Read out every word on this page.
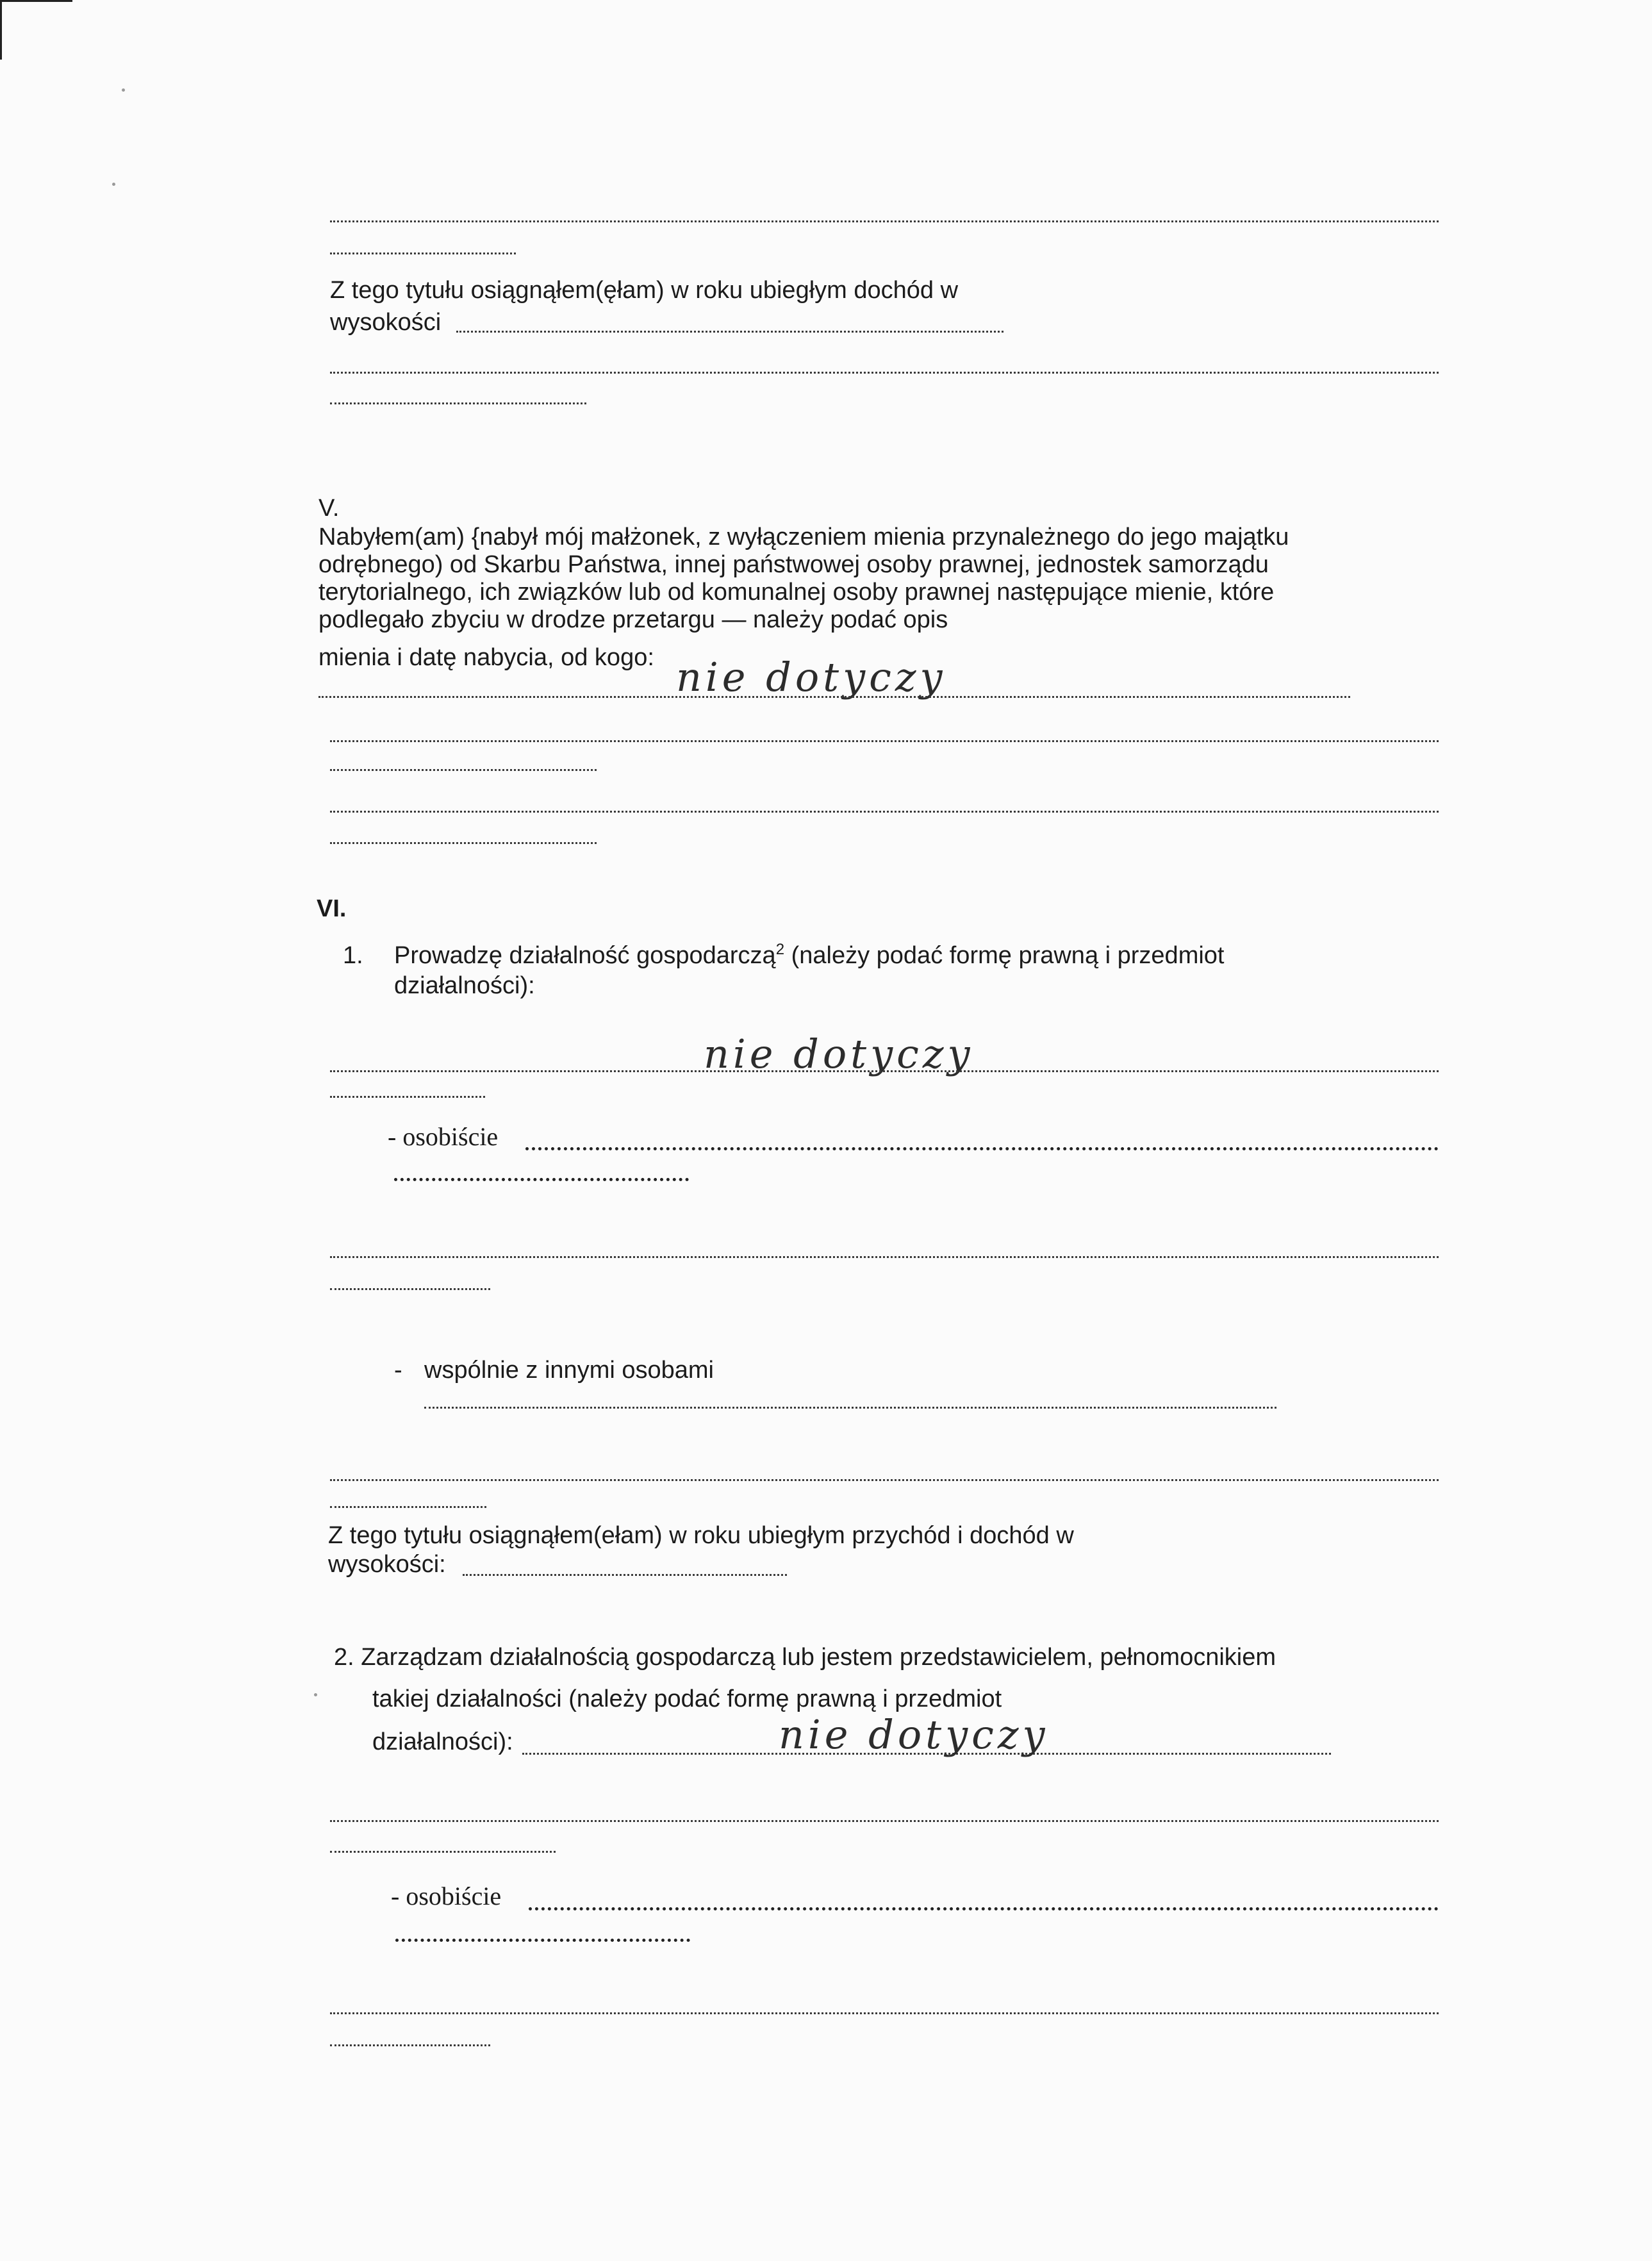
Z tego tytułu osiągnąłem(ęłam) w roku ubiegłym dochód w
wysokości
V.
Nabyłem(am) {nabył mój małżonek, z wyłączeniem mienia przynależnego do jego majątku
odrębnego) od Skarbu Państwa, innej państwowej osoby prawnej, jednostek samorządu
terytorialnego, ich związków lub od komunalnej osoby prawnej następujące mienie, które
podlegało zbyciu w drodze przetargu — należy podać opis
mienia i datę nabycia, od kogo: nie dotyczy
VI.
1. Prowadzę działalność gospodarczą$^2$ (należy podać formę prawną i przedmiot
działalności):
nie dotyczy
- osobiście
- wspólnie z innymi osobami
Z tego tytułu osiągnąłem(ełam) w roku ubiegłym przychód i dochód w
wysokości:
2. Zarządzam działalnością gospodarczą lub jestem przedstawicielem, pełnomocnikiem
takiej działalności (należy podać formę prawną i przedmiot
działalności):	nie dotyczy
- osobiście
